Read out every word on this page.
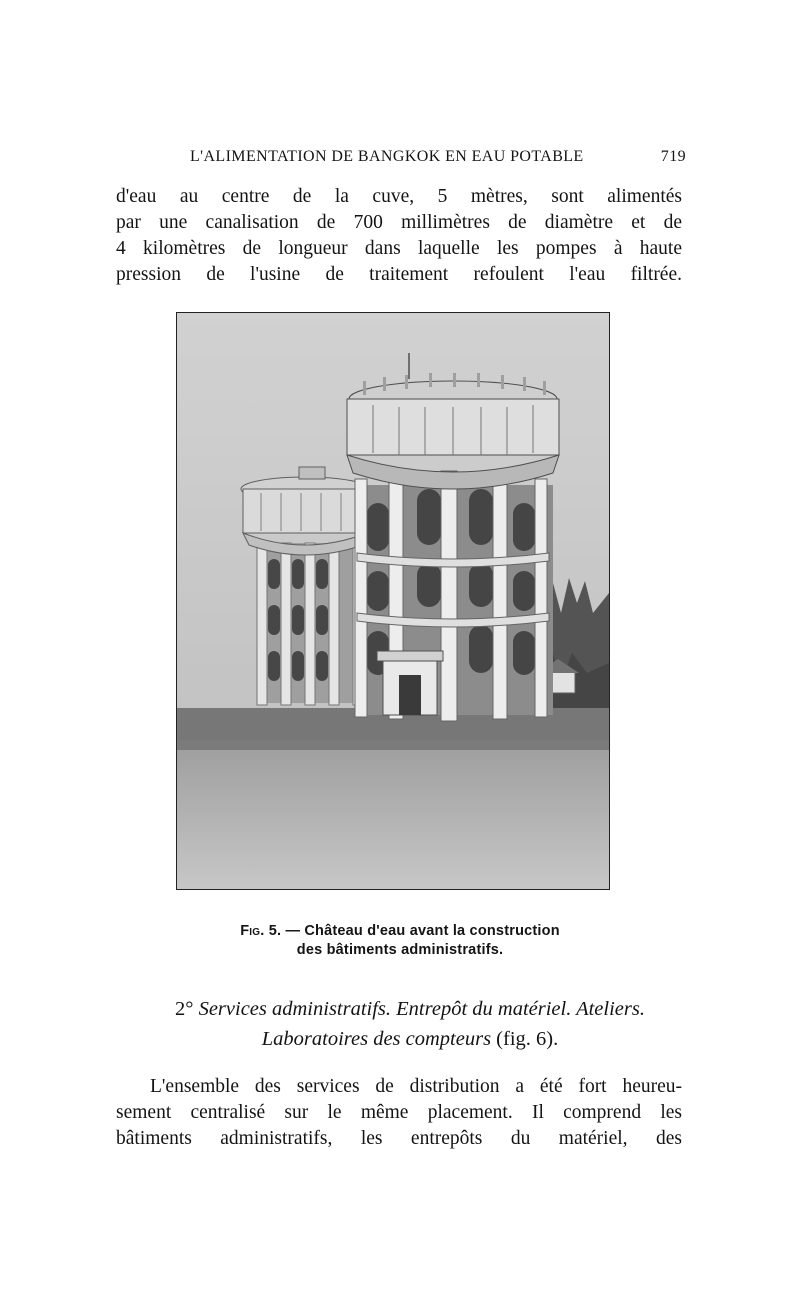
L'ALIMENTATION DE BANGKOK EN EAU POTABLE	719
d'eau au centre de la cuve, 5 mètres, sont alimentés
par une canalisation de 700 millimètres de diamètre et de
4 kilomètres de longueur dans laquelle les pompes à haute
pression de l'usine de traitement refoulent l'eau filtrée.
Fig. 5. — Château d'eau avant la construction
des bâtiments administratifs.
2° Services administratifs. Entrepôt du matériel. Ateliers.
Laboratoires des compteurs (fig. 6).
L'ensemble des services de distribution a été fort heureu-
sement centralisé sur le même placement. Il comprend les
bâtiments administratifs, les entrepôts du matériel, des
